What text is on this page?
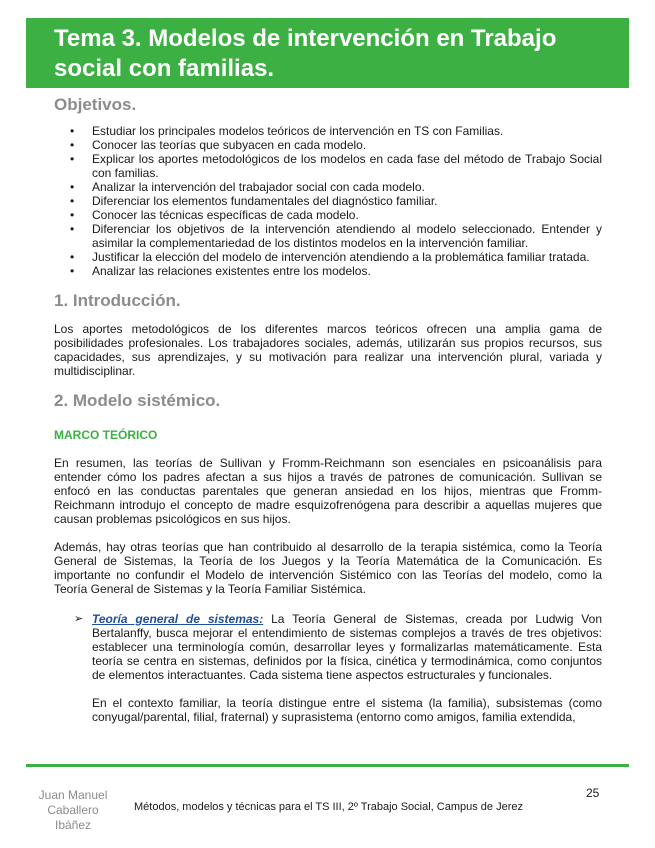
Tema 3. Modelos de intervención en Trabajo social con familias.
Objetivos.
• Estudiar los principales modelos teóricos de intervención en TS con Familias.
• Conocer las teorías que subyacen en cada modelo.
• Explicar los aportes metodológicos de los modelos en cada fase del método de Trabajo Social con familias.
• Analizar la intervención del trabajador social con cada modelo.
• Diferenciar los elementos fundamentales del diagnóstico familiar.
• Conocer las técnicas específicas de cada modelo.
• Diferenciar los objetivos de la intervención atendiendo al modelo seleccionado. Entender y asimilar la complementariedad de los distintos modelos en la intervención familiar.
• Justificar la elección del modelo de intervención atendiendo a la problemática familiar tratada.
• Analizar las relaciones existentes entre los modelos.
1. Introducción.

Los aportes metodológicos de los diferentes marcos teóricos ofrecen una amplia gama de posibilidades profesionales. Los trabajadores sociales, además, utilizarán sus propios recursos, sus capacidades, sus aprendizajes, y su motivación para realizar una intervención plural, variada y multidisciplinar.

2. Modelo sistémico.
MARCO TEÓRICO

En resumen, las teorías de Sullivan y Fromm-Reichmann son esenciales en psicoanálisis para entender cómo los padres afectan a sus hijos a través de patrones de comunicación. Sullivan se enfocó en las conductas parentales que generan ansiedad en los hijos, mientras que Fromm-Reichmann introdujo el concepto de madre esquizofrenógena para describir a aquellas mujeres que causan problemas psicológicos en sus hijos.

Además, hay otras teorías que han contribuido al desarrollo de la terapia sistémica, como la Teoría General de Sistemas, la Teoría de los Juegos y la Teoría Matemática de la Comunicación. Es importante no confundir el Modelo de intervención Sistémico con las Teorías del modelo, como la Teoría General de Sistemas y la Teoría Familiar Sistémica.

➢ Teoría general de sistemas: La Teoría General de Sistemas, creada por Ludwig Von Bertalanffy, busca mejorar el entendimiento de sistemas complejos a través de tres objetivos: establecer una terminología común, desarrollar leyes y formalizarlas matemáticamente. Esta teoría se centra en sistemas, definidos por la física, cinética y termodinámica, como conjuntos de elementos interactuantes. Cada sistema tiene aspectos estructurales y funcionales.

En el contexto familiar, la teoría distingue entre el sistema (la familia), subsistemas (como conyugal/parental, filial, fraternal) y suprasistema (entorno como amigos, familia extendida,

Juan Manuel Caballero Ibáñez
Métodos, modelos y técnicas para el TS III, 2º Trabajo Social, Campus de Jerez
25
